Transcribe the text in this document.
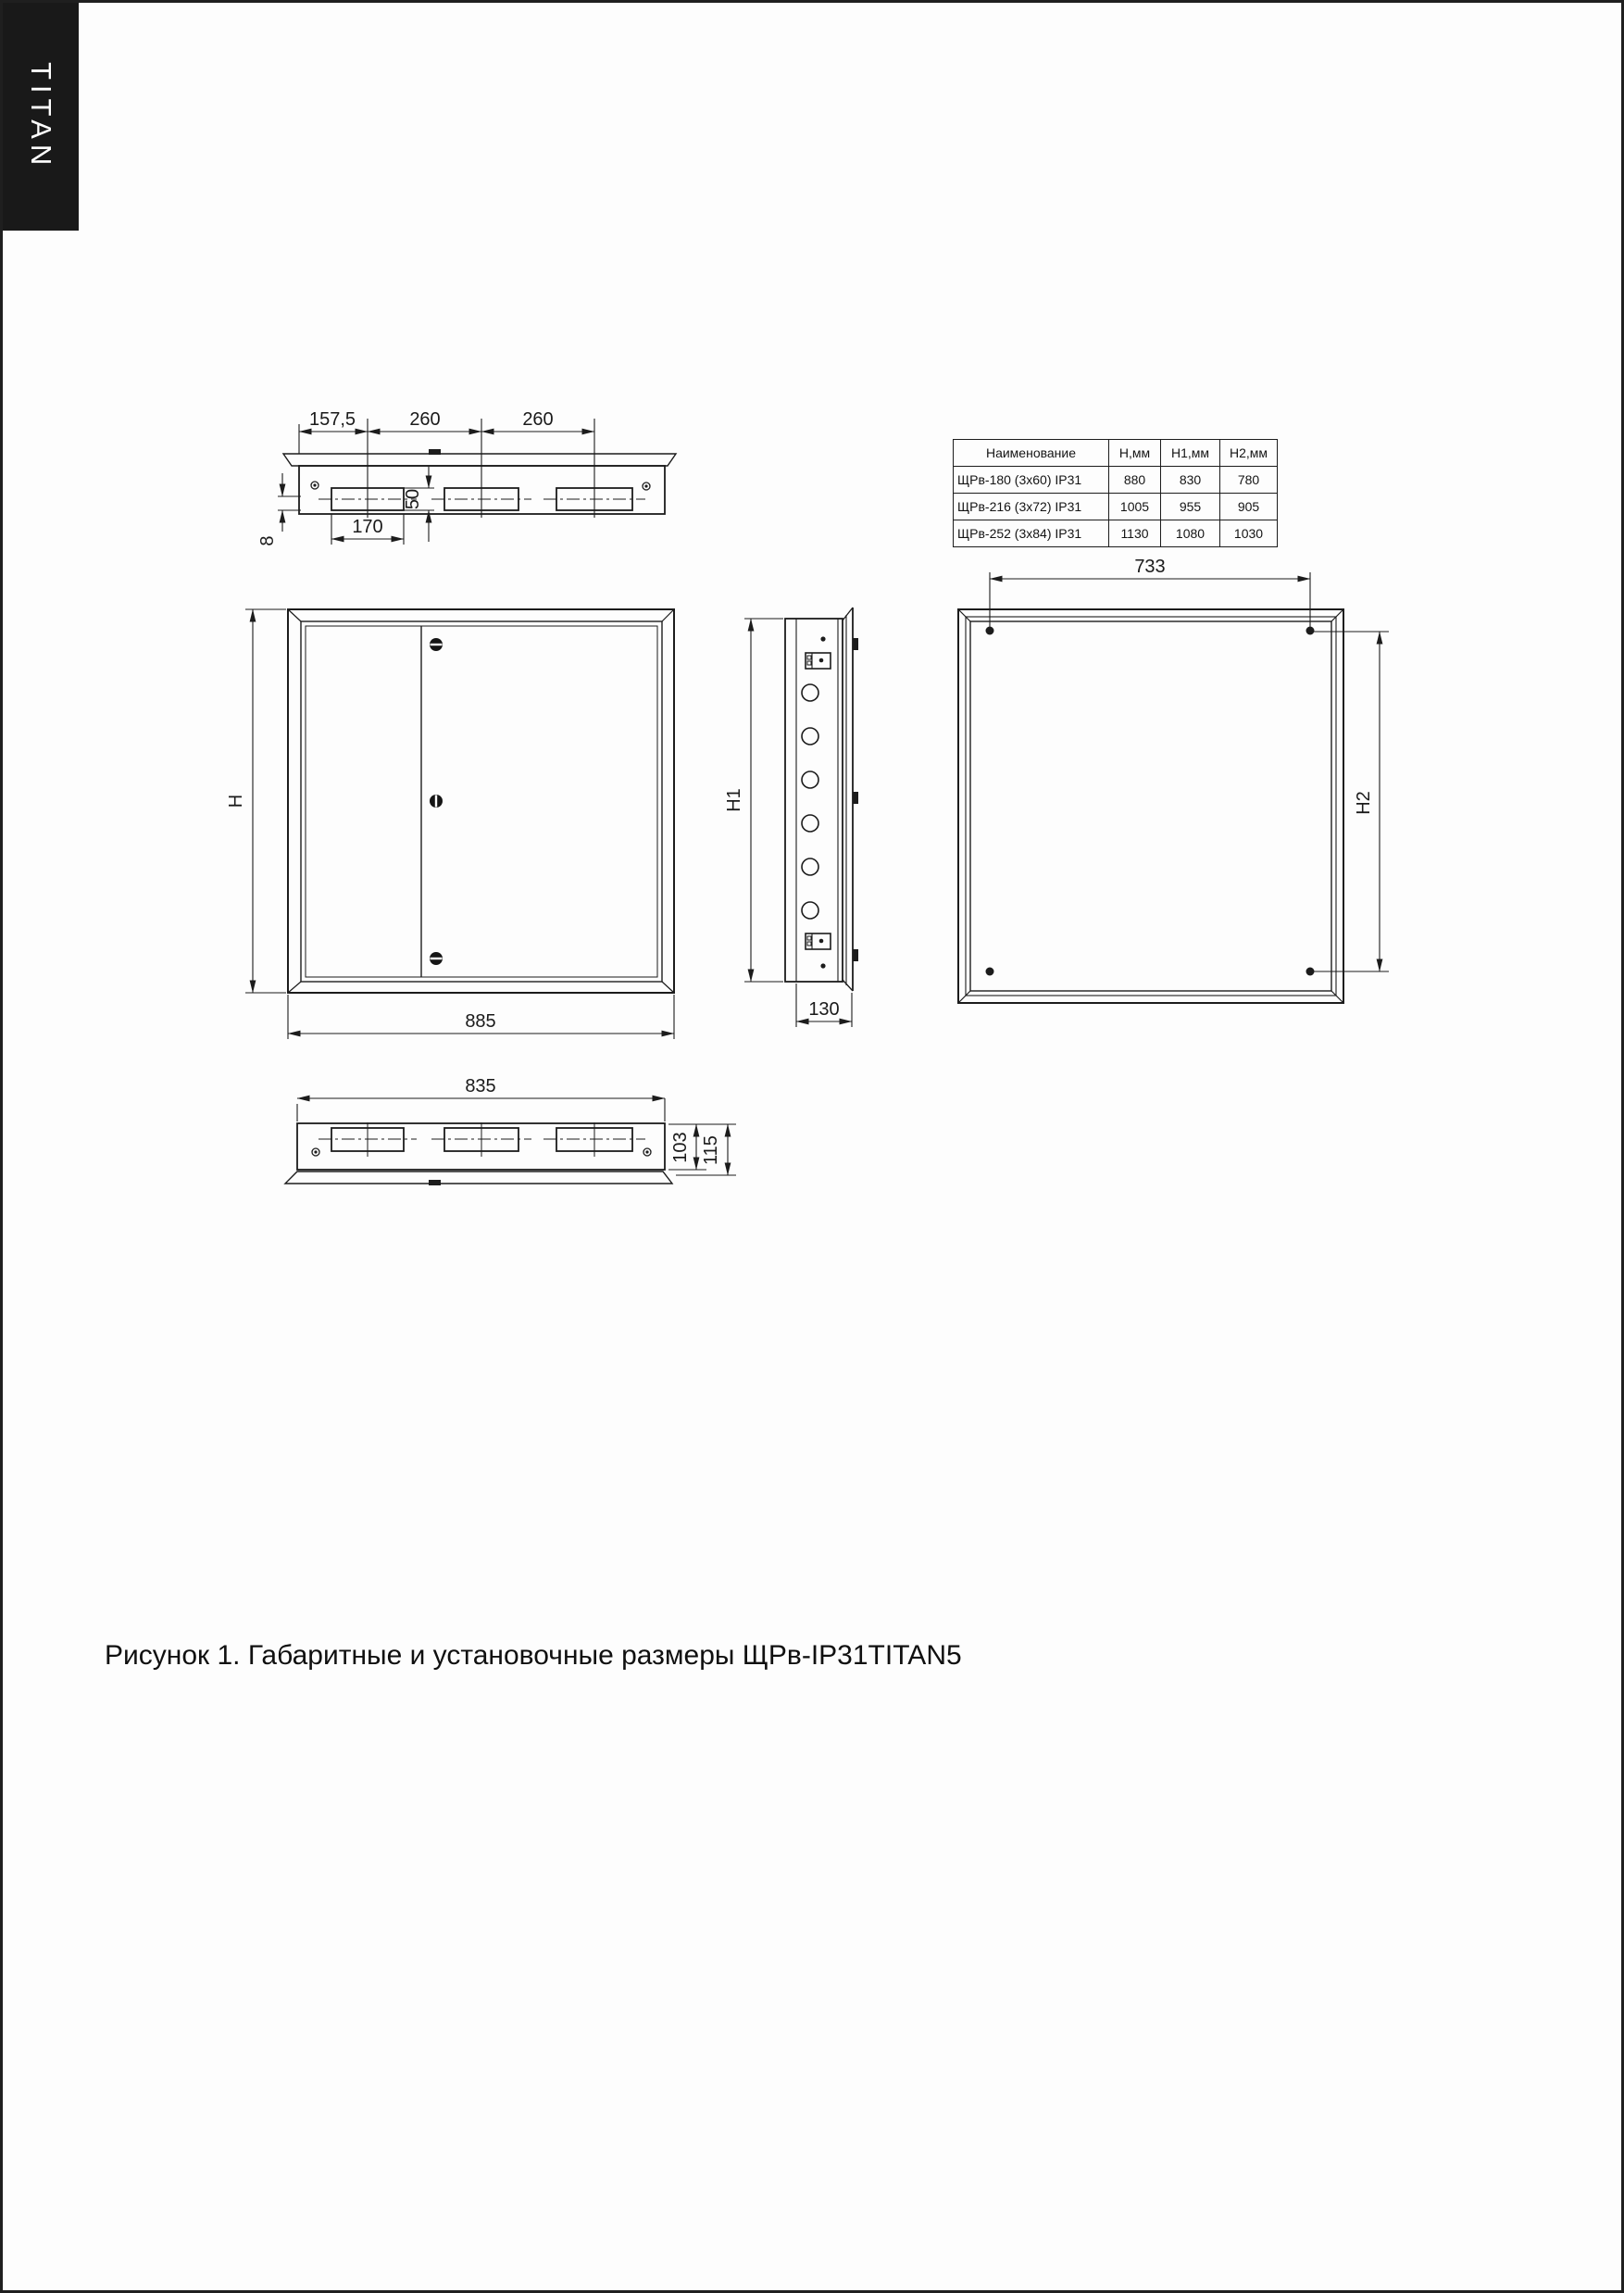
TITAN
157,5	260	260
50
170
8
H
885
H1
130
733
H2
835
103 115
Наименование	Н,мм	Н1,мм	Н2,мм
ЩРв-180 (3х60) IP31	880	830	780
ЩРв-216 (3х72) IP31	1005	955	905
ЩРв-252 (3х84) IP31	1130	1080	1030
Рисунок 1. Габаритные и установочные размеры ЩРв-IP31TITAN5
